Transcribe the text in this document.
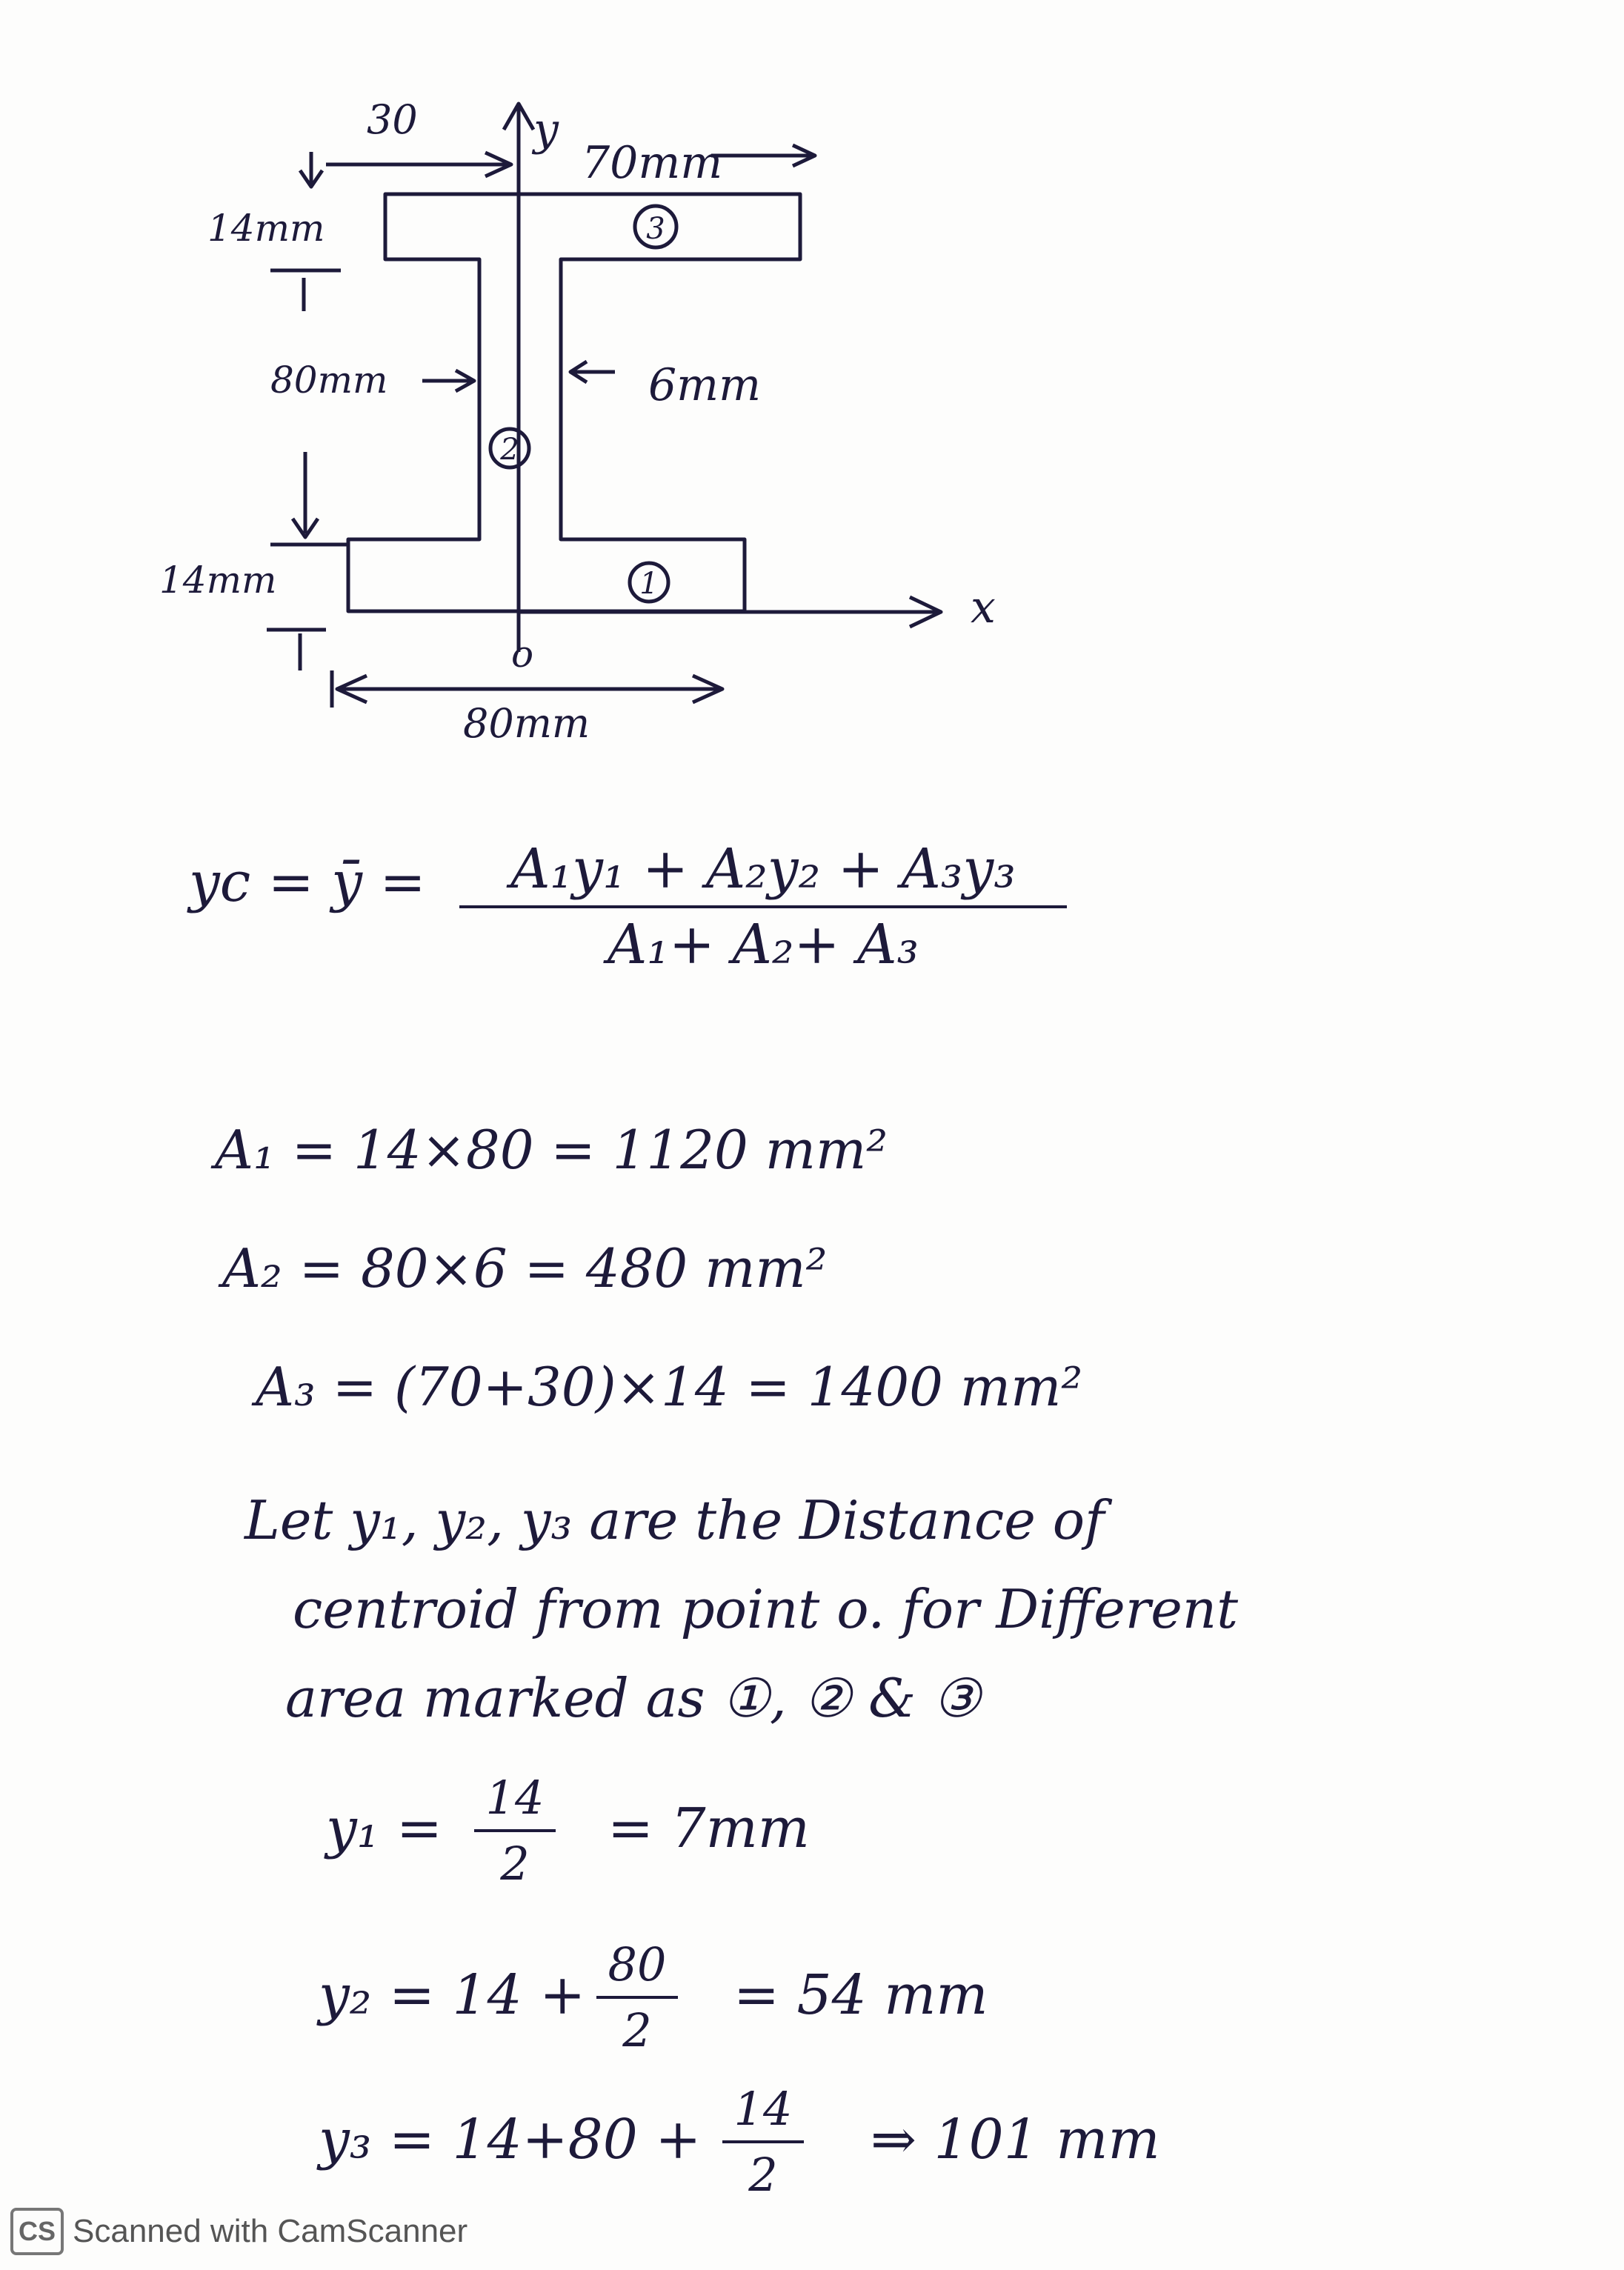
30	y
70mm
14mm
80mm	6mm
14mm
o
x
80mm
3
2
1
yc = ȳ =	A₁y₁ + A₂y₂ + A₃y₃
A₁+ A₂+ A₃
A₁ = 14×80 = 1120 mm²
A₂ = 80×6 = 480 mm²
A₃ = (70+30)×14 = 1400 mm²
Let y₁, y₂, y₃ are the Distance of
centroid from point o. for Different
area marked as ①, ② & ③
y₁ = 14
2
= 7mm
y₂ = 14 + 80
2
= 54 mm
y₃ = 14+80 + 14
2
⇒ 101 mm
CS Scanned with CamScanner
